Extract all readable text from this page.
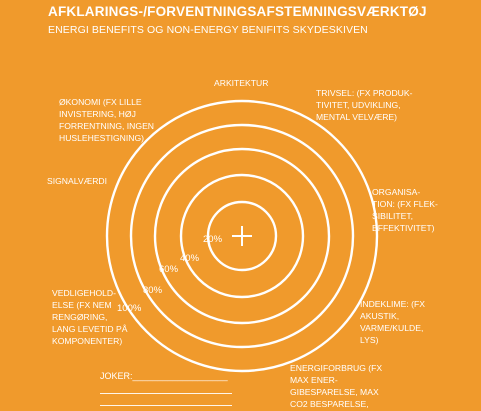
AFKLARINGS-/FORVENTNINGSAFSTEMNINGSVÆRKTØJ
ENERGI BENEFITS OG NON-ENERGY BENIFITS SKYDESKIVEN
ARKITEKTUR
TRIVSEL: (FX PRODUK-
TIVITET, UDVIKLING,
MENTAL VELVÆRE)
ØKONOMI (FX LILLE
INVISTERING, HØJ
FORRENTNING, INGEN
HUSLEHESTIGNING)
SIGNALVÆRDI
ORGANISA-
TION: (FX FLEK-
SIBILITET,
EFFEKTIVITET)
VEDLIGEHOLD-
ELSE (FX NEM
RENGØRING,
LANG LEVETID PÅ
KOMPONENTER)
INDEKLIME: (FX
AKUSTIK,
VARME/KULDE,
LYS)
ENERGIFORBRUG (FX
MAX ENER-
GIBESPARELSE, MAX
CO2 BESPARELSE,
20%
40%
60%
80%
100%
JOKER:___________________
